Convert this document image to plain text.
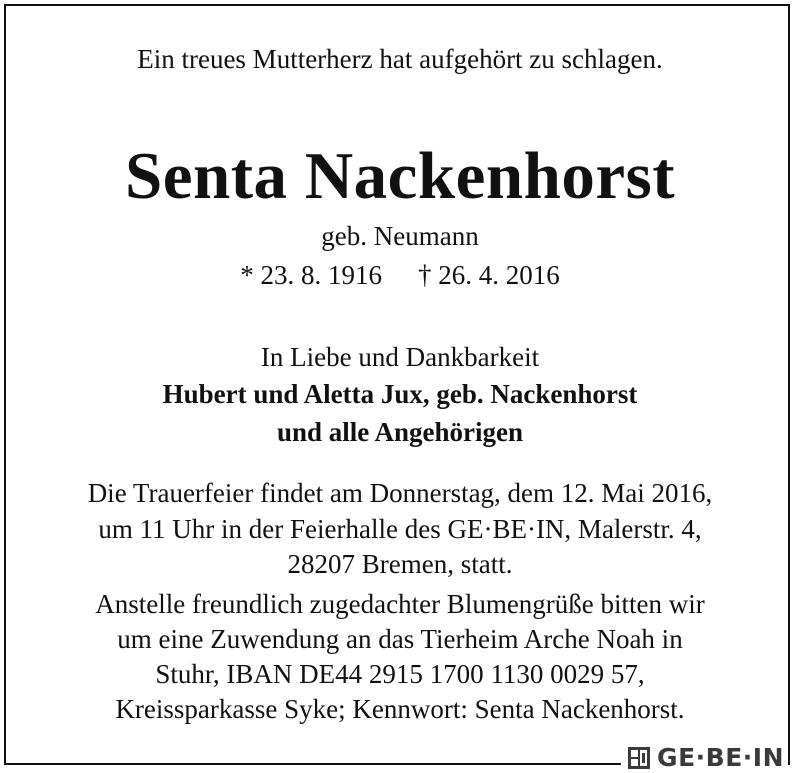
Ein treues Mutterherz hat aufgehört zu schlagen.
Senta Nackenhorst
geb. Neumann
* 23. 8. 1916 † 26. 4. 2016
In Liebe und Dankbarkeit
Hubert und Aletta Jux, geb. Nackenhorst
und alle Angehörigen
Die Trauerfeier findet am Donnerstag, dem 12. Mai 2016,
um 11 Uhr in der Feierhalle des GE·BE·IN, Malerstr. 4,
28207 Bremen, statt.
Anstelle freundlich zugedachter Blumengrüße bitten wir
um eine Zuwendung an das Tierheim Arche Noah in
Stuhr, IBAN DE44 2915 1700 1130 0029 57,
Kreissparkasse Syke; Kennwort: Senta Nackenhorst.
GE·BE·IN
